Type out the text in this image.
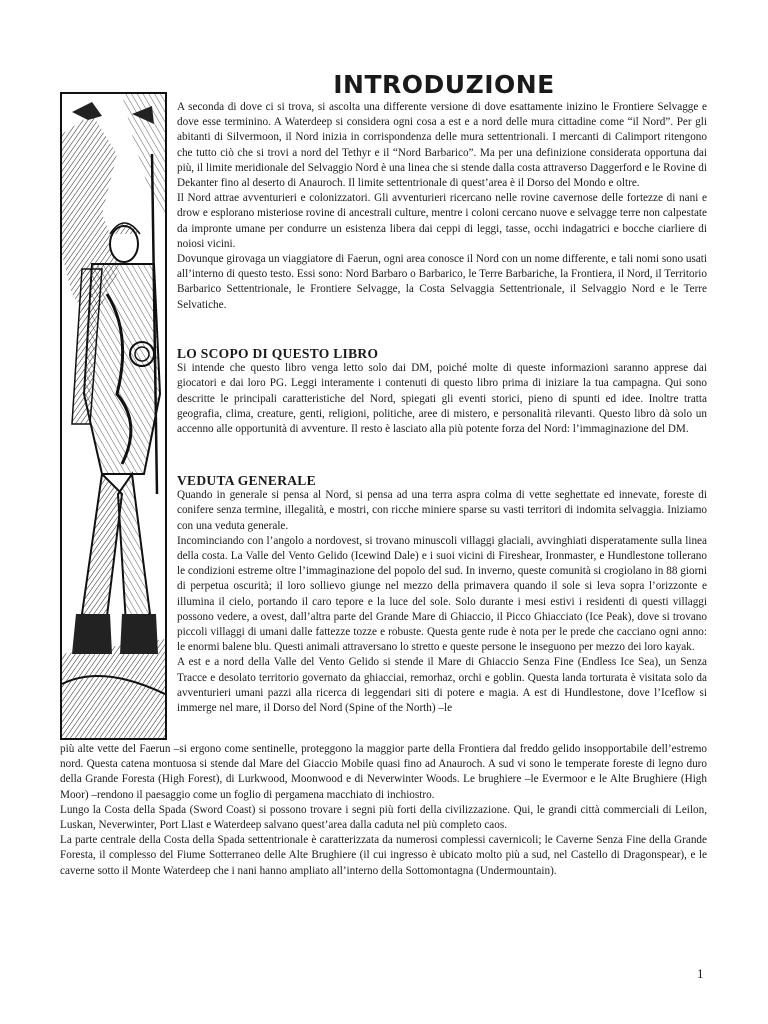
INTRODUZIONE

A seconda di dove ci si trova, si ascolta una differente versione di dove esattamente inizino le Frontiere Selvagge e dove esse terminino. A Waterdeep si considera ogni cosa a est e a nord delle mura cittadine come “il Nord”. Per gli abitanti di Silvermoon, il Nord inizia in corrispondenza delle mura settentrionali. I mercanti di Calimport ritengono che tutto ciò che si trovi a nord del Tethyr e il “Nord Barbarico”. Ma per una definizione considerata opportuna dai più, il limite meridionale del Selvaggio Nord è una linea che si stende dalla costa attraverso Daggerford e le Rovine di Dekanter fino al deserto di Anauroch. Il limite settentrionale di quest’area è il Dorso del Mondo e oltre.

Il Nord attrae avventurieri e colonizzatori. Gli avventurieri ricercano nelle rovine cavernose delle fortezze di nani e drow e esplorano misteriose rovine di ancestrali culture, mentre i coloni cercano nuove e selvagge terre non calpestate da impronte umane per condurre un esistenza libera dai ceppi di leggi, tasse, occhi indagatrici e bocche ciarliere di noiosi vicini.

Dovunque girovaga un viaggiatore di Faerun, ogni area conosce il Nord con un nome differente, e tali nomi sono usati all’interno di questo testo. Essi sono: Nord Barbaro o Barbarico, le Terre Barbariche, la Frontiera, il Nord, il Territorio Barbarico Settentrionale, le Frontiere Selvagge, la Costa Selvaggia Settentrionale, il Selvaggio Nord e le Terre Selvatiche.

LO SCOPO DI QUESTO LIBRO

Si intende che questo libro venga letto solo dai DM, poiché molte di queste informazioni saranno apprese dai giocatori e dai loro PG. Leggi interamente i contenuti di questo libro prima di iniziare la tua campagna. Qui sono descritte le principali caratteristiche del Nord, spiegati gli eventi storici, pieno di spunti ed idee. Inoltre tratta geografia, clima, creature, genti, religioni, politiche, aree di mistero, e personalità rilevanti. Questo libro dà solo un accenno alle opportunità di avventure. Il resto è lasciato alla più potente forza del Nord: l’immaginazione del DM.

VEDUTA GENERALE

Quando in generale si pensa al Nord, si pensa ad una terra aspra colma di vette seghettate ed innevate, foreste di conifere senza termine, illegalità, e mostri, con ricche miniere sparse su vasti territori di indomita selvaggia. Iniziamo con una veduta generale.

Incominciando con l’angolo a nordovest, si trovano minuscoli villaggi glaciali, avvinghiati disperatamente sulla linea della costa. La Valle del Vento Gelido (Icewind Dale) e i suoi vicini di Fireshear, Ironmaster, e Hundlestone tollerano le condizioni estreme oltre l’immaginazione del popolo del sud. In inverno, queste comunità si crogiolano in 88 giorni di perpetua oscurità; il loro sollievo giunge nel mezzo della primavera quando il sole si leva sopra l’orizzonte e illumina il cielo, portando il caro tepore e la luce del sole. Solo durante i mesi estivi i residenti di questi villaggi possono vedere, a ovest, dall’altra parte del Grande Mare di Ghiaccio, il Picco Ghiacciato (Ice Peak), dove si trovano piccoli villaggi di umani dalle fattezze tozze e robuste. Questa gente rude è nota per le prede che cacciano ogni anno: le enormi balene blu. Questi animali attraversano lo stretto e queste persone le inseguono per mezzo dei loro kayak.

A est e a nord della Valle del Vento Gelido si stende il Mare di Ghiaccio Senza Fine (Endless Ice Sea), un Senza Tracce e desolato territorio governato da ghiacciai, remorhaz, orchi e goblin. Questa landa torturata è visitata solo da avventurieri umani pazzi alla ricerca di leggendari siti di potere e magia. A est di Hundlestone, dove l’Iceflow si immerge nel mare, il Dorso del Nord (Spine of the North) –le

più alte vette del Faerun –si ergono come sentinelle, proteggono la maggior parte della Frontiera dal freddo gelido insopportabile dell’estremo nord. Questa catena montuosa si stende dal Mare del Giaccio Mobile quasi fino ad Anauroch. A sud vi sono le temperate foreste di legno duro della Grande Foresta (High Forest), di Lurkwood, Moonwood e di Neverwinter Woods. Le brughiere –le Evermoor e le Alte Brughiere (High Moor) –rendono il paesaggio come un foglio di pergamena macchiato di inchiostro.

Lungo la Costa della Spada (Sword Coast) si possono trovare i segni più forti della civilizzazione. Qui, le grandi città commerciali di Leilon, Luskan, Neverwinter, Port Llast e Waterdeep salvano quest’area dalla caduta nel più completo caos.

La parte centrale della Costa della Spada settentrionale è caratterizzata da numerosi complessi cavernicoli; le Caverne Senza Fine della Grande Foresta, il complesso del Fiume Sotterraneo delle Alte Brughiere (il cui ingresso è ubicato molto più a sud, nel Castello di Dragonspear), e le caverne sotto il Monte Waterdeep che i nani hanno ampliato all’interno della Sottomontagna (Undermountain).

1
